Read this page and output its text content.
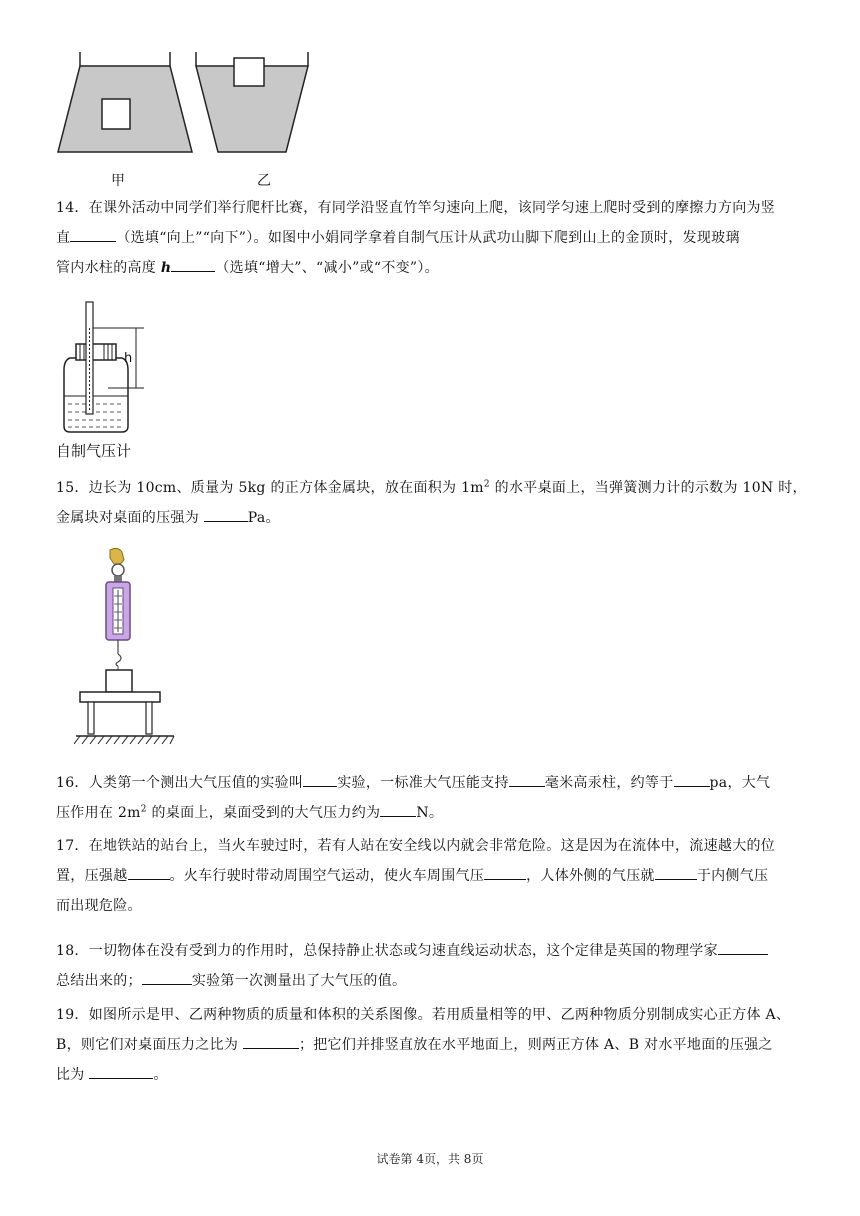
甲	乙

14．在课外活动中同学们举行爬杆比赛，有同学沿竖直竹竿匀速向上爬，该同学匀速上爬时受到的摩擦力方向为竖

直	（选填“向上”“向下”）。如图中小娟同学拿着自制气压计从武功山脚下爬到山上的金顶时，发现玻璃

管内水柱的高度 h	（选填“增大”、“减小”或“不变”）。

h
自制气压计

15．边长为 10cm、质量为 5kg 的正方体金属块，放在面积为 $1m^2$ 的水平桌面上，当弹簧测力计的示数为 10N 时，

金属块对桌面的压强为	Pa。

16．人类第一个测出大气压值的实验叫 实验，一标准大气压能支持	毫米高汞柱，约等于	pa，大气

压作用在 $2m^2$ 的桌面上，桌面受到的大气压力约为	N。

17．在地铁站的站台上，当火车驶过时，若有人站在安全线以内就会非常危险。这是因为在流体中，流速越大的位

置，压强越	。火车行驶时带动周围空气运动，使火车周围气压	，人体外侧的气压就	于内侧气压

而出现危险。

18．一切物体在没有受到力的作用时，总保持静止状态或匀速直线运动状态，这个定律是英国的物理学家

总结出来的；	实验第一次测量出了大气压的值。

19．如图所示是甲、乙两种物质的质量和体积的关系图像。若用质量相等的甲、乙两种物质分别制成实心正方体 A、

B，则它们对桌面压力之比为	；把它们并排竖直放在水平地面上，则两正方体 A、B 对水平地面的压强之

比为	。

试卷第 4页，共 8页
